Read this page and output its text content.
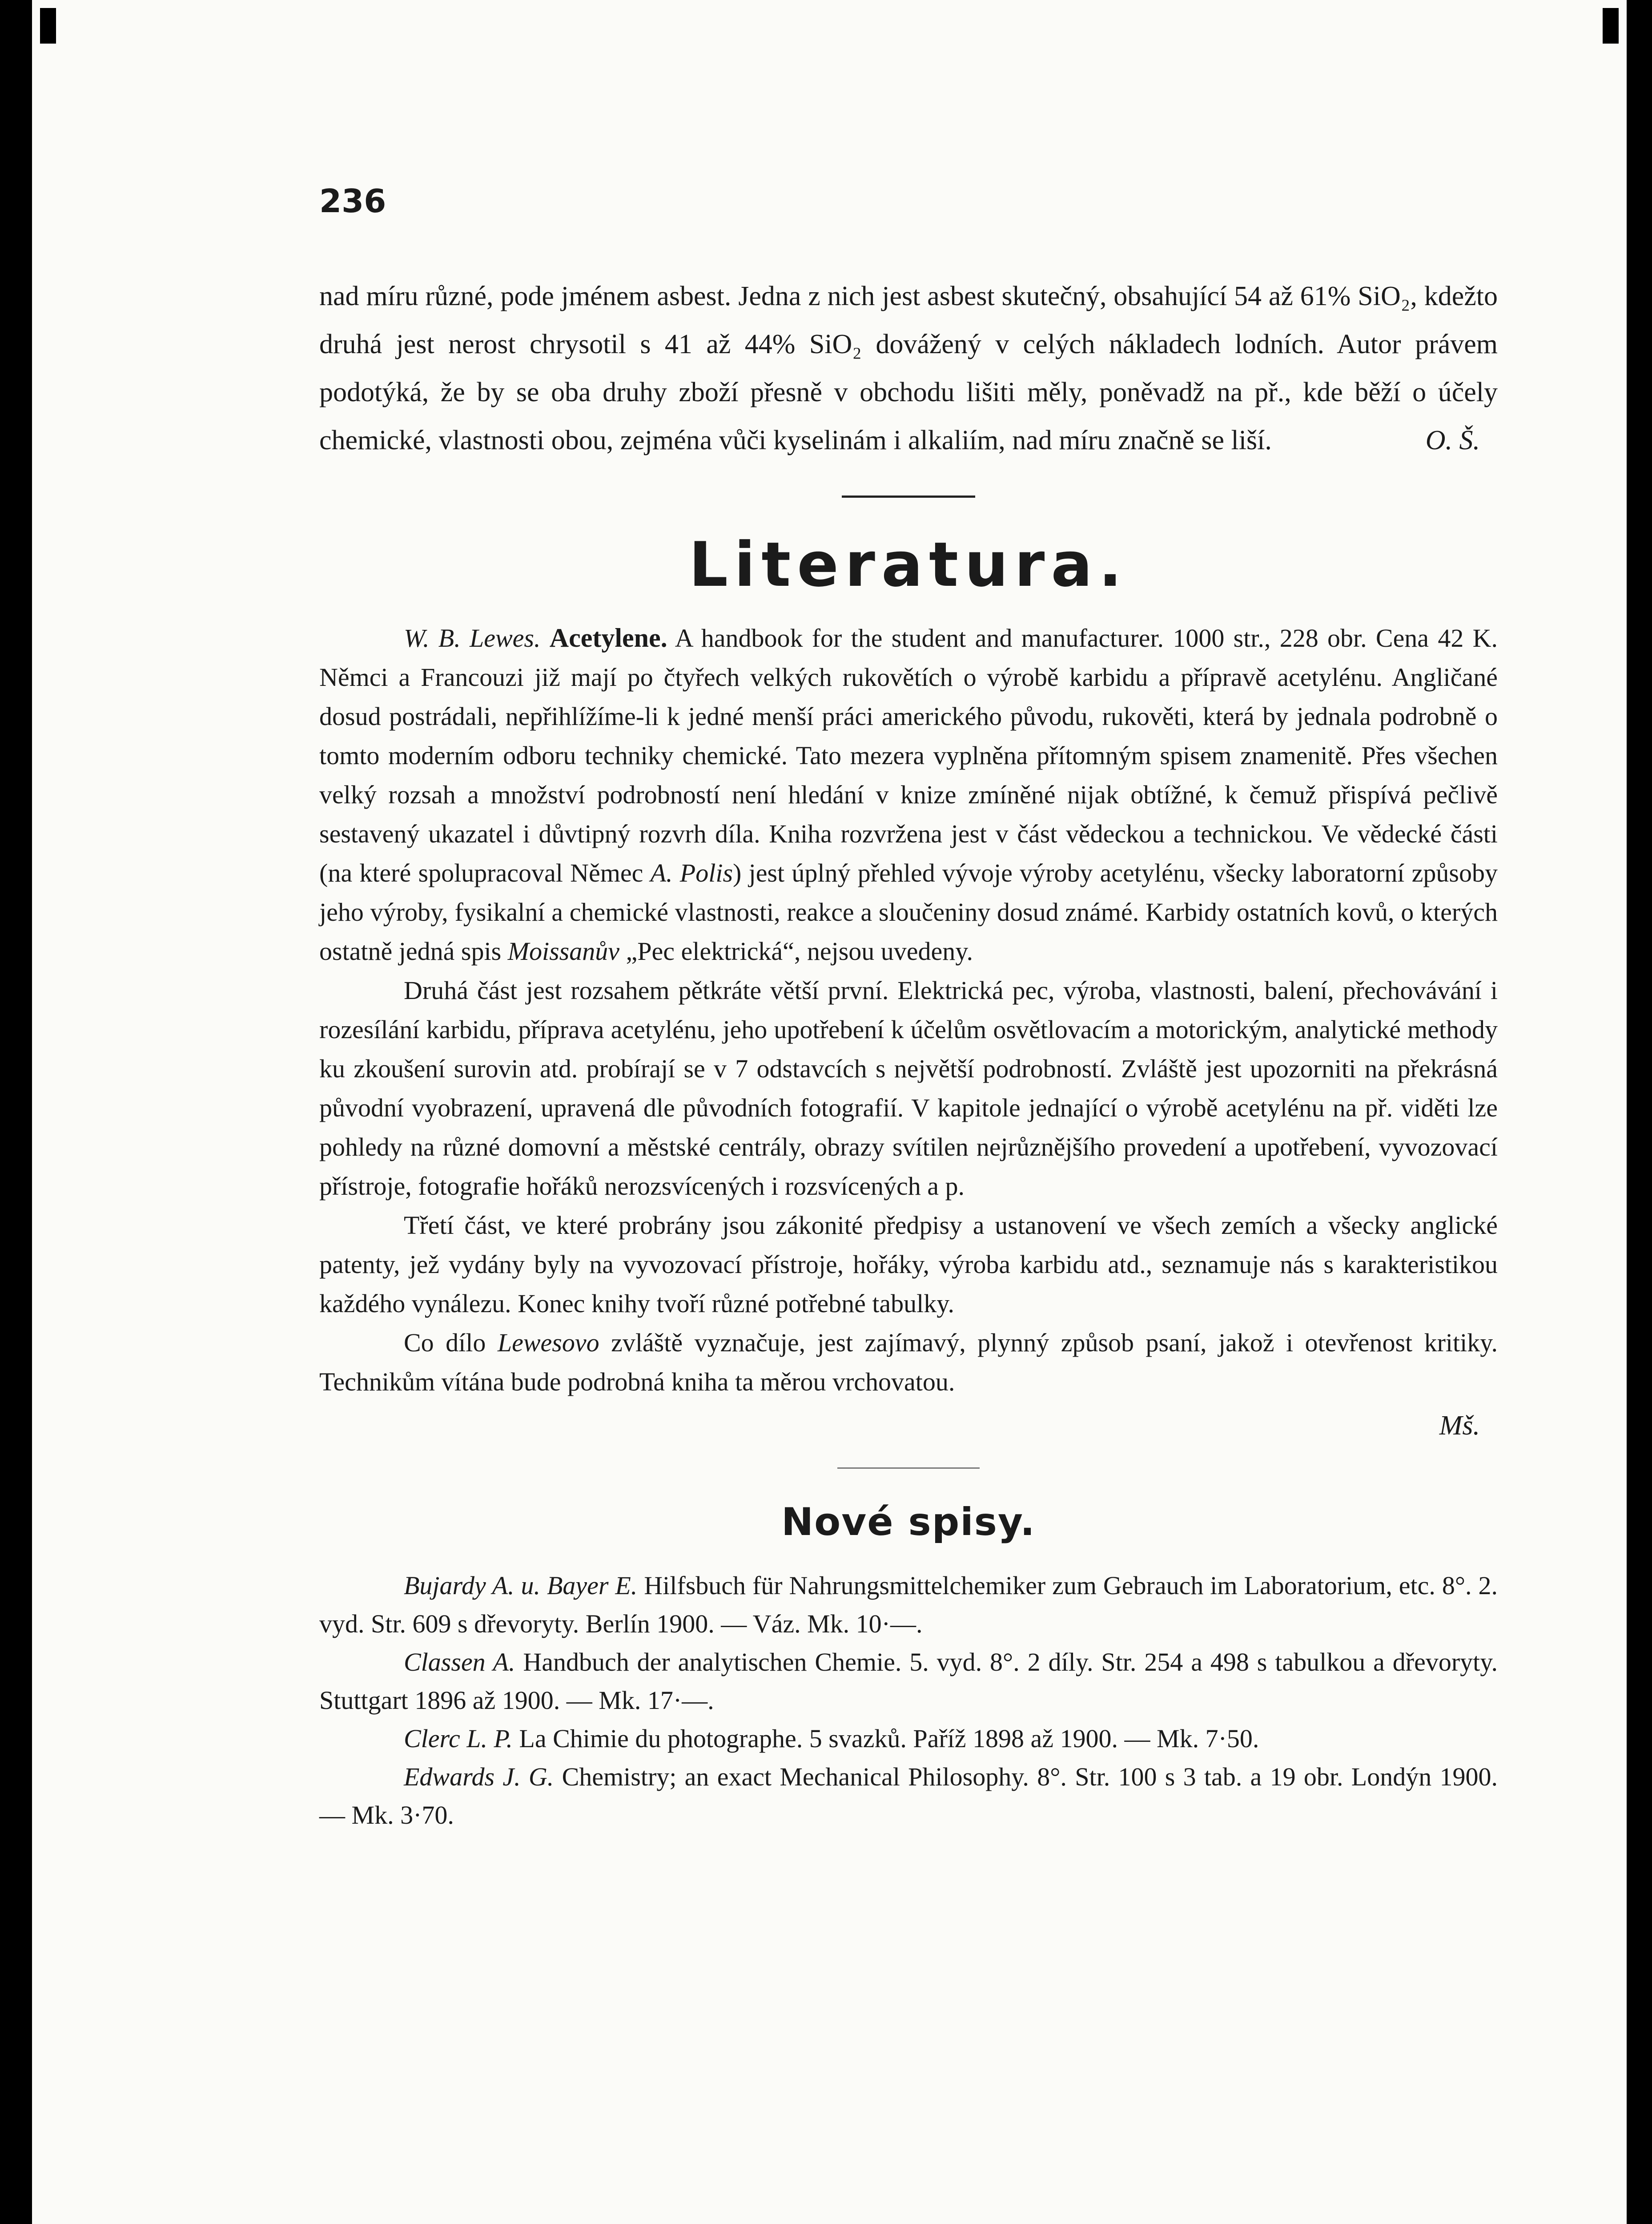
236

nad míru různé, pode jménem asbest. Jedna z nich jest asbest skutečný, obsahující 54 až 61% SiO₂, kdežto druhá jest nerost chrysotil s 41 až 44% SiO₂ dovážený v celých nákladech lodních. Autor právem podotýká, že by se oba druhy zboží přesně v obchodu lišiti měly, poněvadž na př., kde běží o účely chemické, vlastnosti obou, zejména vůči kyselinám i alkaliím, nad míru značně se liší.	O. Š.
Literatura.

W. B. Lewes. Acetylene. A handbook for the student and manufacturer. 1000 str., 228 obr. Cena 42 K. Němci a Francouzi již mají po čtyřech velkých rukovětích o výrobě karbidu a přípravě acetylénu. Angličané dosud postrádali, nepřihlížíme-li k jedné menší práci amerického původu, rukověti, která by jednala podrobně o tomto moderním odboru techniky chemické. Tato mezera vyplněna přítomným spisem znamenitě. Přes všechen velký rozsah a množství podrobností není hledání v knize zmíněné nijak obtížné, k čemuž přispívá pečlivě sestavený ukazatel i důvtipný rozvrh díla. Kniha rozvržena jest v část vědeckou a technickou. Ve vědecké části (na které spolupracoval Němec A. Polis) jest úplný přehled vývoje výroby acetylénu, všecky laboratorní způsoby jeho výroby, fysikalní a chemické vlastnosti, reakce a sloučeniny dosud známé. Karbidy ostatních kovů, o kterých ostatně jedná spis Moissanův „Pec elektrická“, nejsou uvedeny.

Druhá část jest rozsahem pětkráte větší první. Elektrická pec, výroba, vlastnosti, balení, přechovávání i rozesílání karbidu, příprava acetylénu, jeho upotřebení k účelům osvětlovacím a motorickým, analytické methody ku zkoušení surovin atd. probírají se v 7 odstavcích s největší podrobností. Zvláště jest upozorniti na překrásná původní vyobrazení, upravená dle původních fotografií. V kapitole jednající o výrobě acetylénu na př. viděti lze pohledy na různé domovní a městské centrály, obrazy svítilen nejrůznějšího provedení a upotřebení, vyvozovací přístroje, fotografie hořáků nerozsvícených i rozsvícených a p.

Třetí část, ve které probrány jsou zákonité předpisy a ustanovení ve všech zemích a všecky anglické patenty, jež vydány byly na vyvozovací přístroje, hořáky, výroba karbidu atd., seznamuje nás s karakteristikou každého vynálezu. Konec knihy tvoří různé potřebné tabulky.

Co dílo Lewesovo zvláště vyznačuje, jest zajímavý, plynný způsob psaní, jakož i otevřenost kritiky. Technikům vítána bude podrobná kniha ta měrou vrchovatou.

Mš.
Nové spisy.

Bujardy A. u. Bayer E. Hilfsbuch für Nahrungsmittelchemiker zum Gebrauch im Laboratorium, etc. 8°. 2. vyd. Str. 609 s dřevoryty. Berlín 1900. — Váz. Mk. 10·—.

Classen A. Handbuch der analytischen Chemie. 5. vyd. 8°. 2 díly. Str. 254 a 498 s tabulkou a dřevoryty. Stuttgart 1896 až 1900. — Mk. 17·—.

Clerc L. P. La Chimie du photographe. 5 svazků. Paříž 1898 až 1900. — Mk. 7·50.

Edwards J. G. Chemistry; an exact Mechanical Philosophy. 8°. Str. 100 s 3 tab. a 19 obr. Londýn 1900. — Mk. 3·70.
